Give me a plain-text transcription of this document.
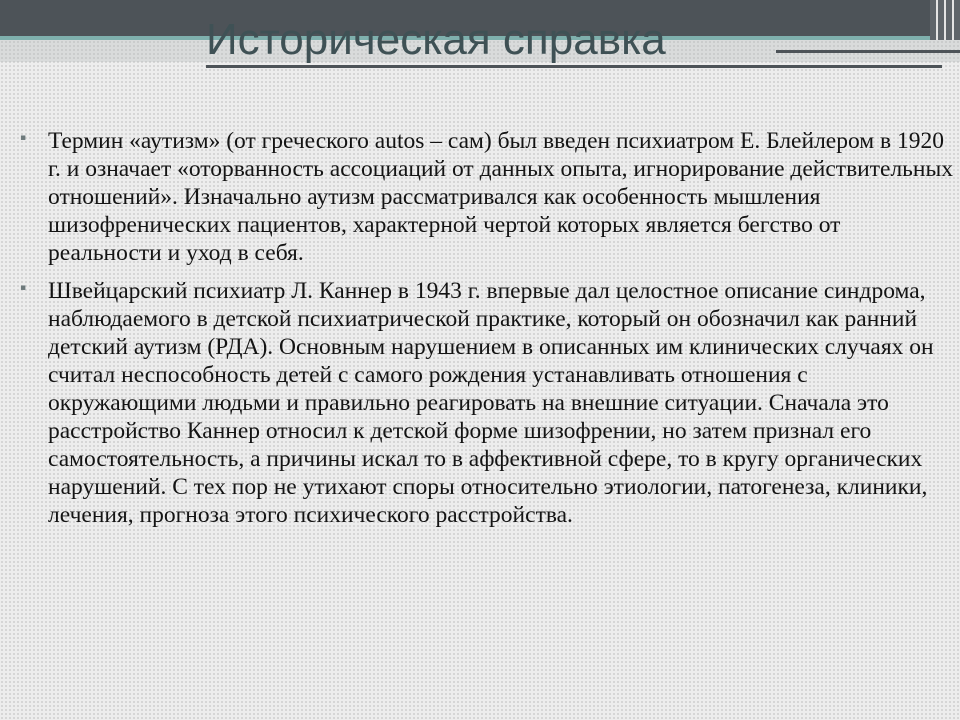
Историческая справка
▪ Термин «аутизм» (от греческого autos – сам) был введен психиатром Е. Блейлером в 1920 г. и означает «оторванность ассоциаций от данных опыта, игнорирование действительных отношений». Изначально аутизм рассматривался как особенность мышления шизофренических пациентов, характерной чертой которых является бегство от реальности и уход в себя.

▪ Швейцарский психиатр Л. Каннер в 1943 г. впервые дал целостное описание синдрома, наблюдаемого в детской психиатрической практике, который он обозначил как ранний детский аутизм (РДА). Основным нарушением в описанных им клинических случаях он считал неспособность детей с самого рождения устанавливать отношения с окружающими людьми и правильно реагировать на внешние ситуации. Сначала это расстройство Каннер относил к детской форме шизофрении, но затем признал его самостоятельность, а причины искал то в аффективной сфере, то в кругу органических нарушений. С тех пор не утихают споры относительно этиологии, патогенеза, клиники, лечения, прогноза этого психического расстройства.
